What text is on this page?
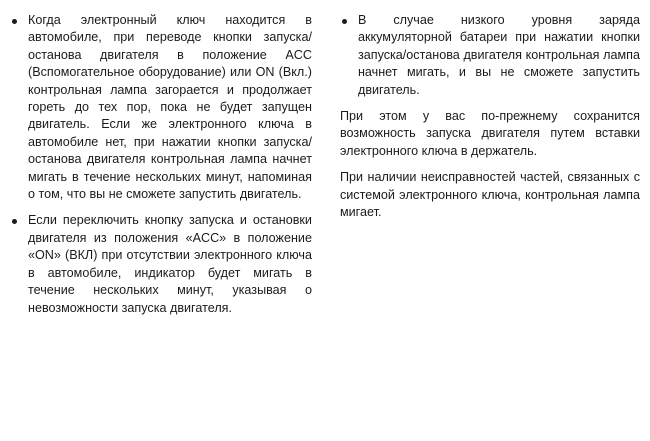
Когда электронный ключ находится в автомобиле, при переводе кнопки запуска/останова двигателя в положение ACC (Вспомогательное оборудование) или ON (Вкл.) контрольная лампа загорается и продолжает гореть до тех пор, пока не будет запущен двигатель. Если же электронного ключа в автомобиле нет, при нажатии кнопки запуска/останова двигателя контрольная лампа начнет мигать в течение нескольких минут, напоминая о том, что вы не сможете запустить двигатель.

Если переключить кнопку запуска и остановки двигателя из положения «ACC» в положение «ON» (ВКЛ) при отсутствии электронного ключа в автомобиле, индикатор будет мигать в течение нескольких минут, указывая о невозможности запуска двигателя.

В случае низкого уровня заряда аккумуляторной батареи при нажатии кнопки запуска/останова двигателя контрольная лампа начнет мигать, и вы не сможете запустить двигатель.

При этом у вас по-прежнему сохранится возможность запуска двигателя путем вставки электронного ключа в держатель.

При наличии неисправностей частей, связанных с системой электронного ключа, контрольная лампа мигает.
